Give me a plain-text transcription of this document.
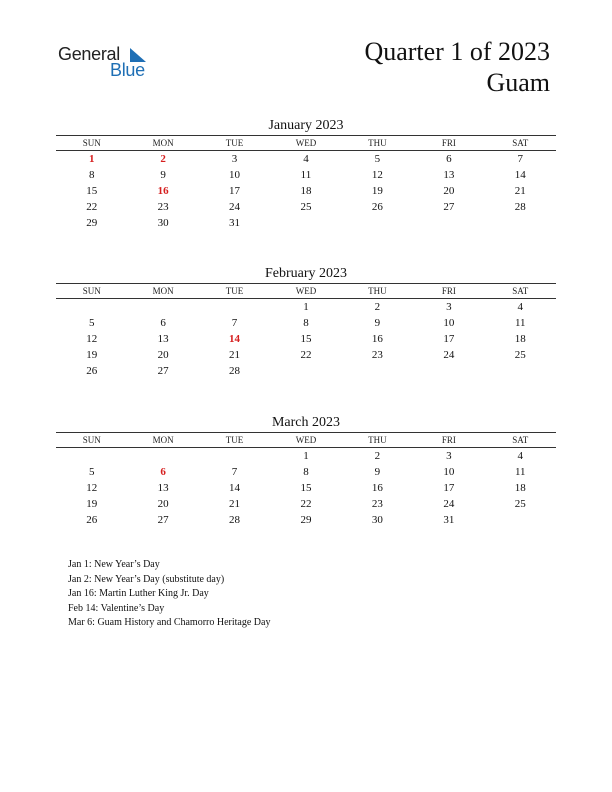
General
Blue
Quarter 1 of 2023
Guam
January 2023
SUN	MON	TUE	WED	THU	FRI	SAT
1	2	3	4	5	6	7
8	9	10	11	12	13	14
15	16	17	18	19	20	21
22	23	24	25	26	27	28
29	30	31				
February 2023
SUN	MON	TUE	WED	THU	FRI	SAT
			1	2	3	4
5	6	7	8	9	10	11
12	13	14	15	16	17	18
19	20	21	22	23	24	25
26	27	28				
March 2023
SUN	MON	TUE	WED	THU	FRI	SAT
			1	2	3	4
5	6	7	8	9	10	11
12	13	14	15	16	17	18
19	20	21	22	23	24	25
26	27	28	29	30	31	
Jan 1: New Year’s Day
Jan 2: New Year’s Day (substitute day)
Jan 16: Martin Luther King Jr. Day
Feb 14: Valentine’s Day
Mar 6: Guam History and Chamorro Heritage Day
